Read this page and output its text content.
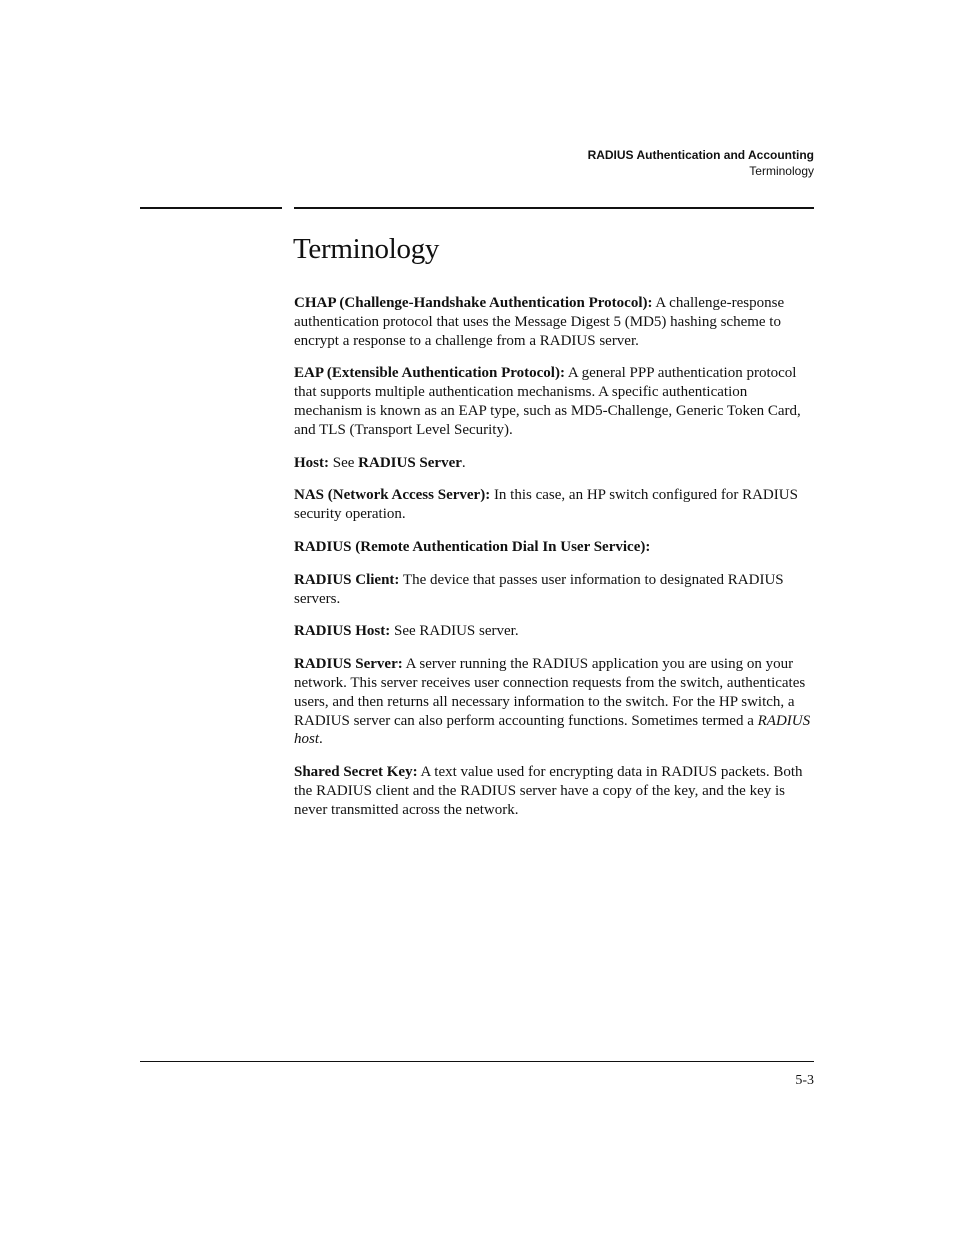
RADIUS Authentication and Accounting
Terminology
Terminology

CHAP (Challenge-Handshake Authentication Protocol): A challenge-response authentication protocol that uses the Message Digest 5 (MD5) hashing scheme to encrypt a response to a challenge from a RADIUS server.

EAP (Extensible Authentication Protocol): A general PPP authentication protocol that supports multiple authentication mechanisms. A specific authentication mechanism is known as an EAP type, such as MD5-Challenge, Generic Token Card, and TLS (Transport Level Security).

Host: See RADIUS Server.

NAS (Network Access Server): In this case, an HP switch configured for RADIUS security operation.

RADIUS (Remote Authentication Dial In User Service):

RADIUS Client: The device that passes user information to designated RADIUS servers.

RADIUS Host: See RADIUS server.

RADIUS Server: A server running the RADIUS application you are using on your network. This server receives user connection requests from the switch, authenticates users, and then returns all necessary information to the switch. For the HP switch, a RADIUS server can also perform accounting functions. Sometimes termed a RADIUS host.

Shared Secret Key: A text value used for encrypting data in RADIUS packets. Both the RADIUS client and the RADIUS server have a copy of the key, and the key is never transmitted across the network.

5-3
